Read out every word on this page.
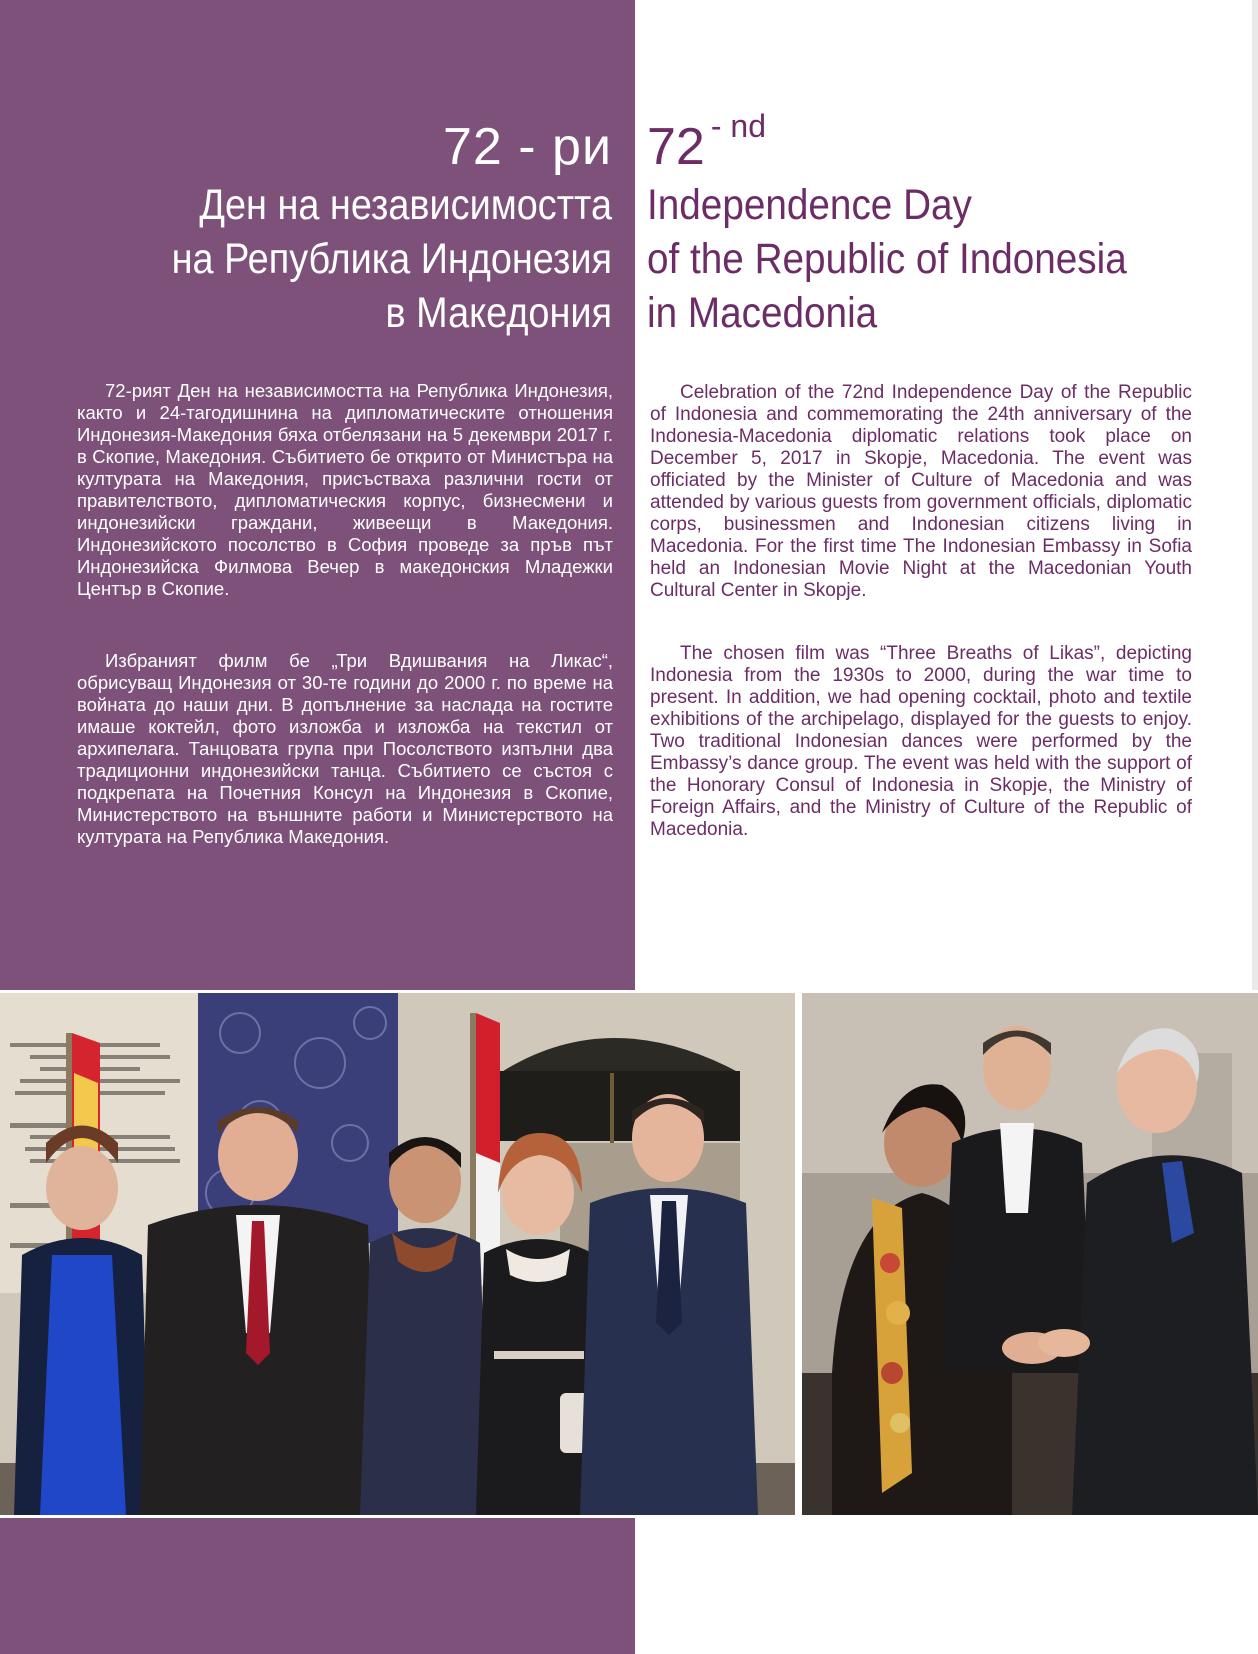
72 - ри
Ден на независимостта
на Република Индонезия
в Македония
72 - nd
Independence Day
of the Republic of Indonesia
in Macedonia

72-рият Ден на независимостта на Република Индонезия, както и 24-тагодишнина на дипломатическите отношения Индонезия-Македония бяха отбелязани на 5 декември 2017 г. в Скопие, Македония. Събитието бе открито от Министъра на културата на Македония, присъстваха различни гости от правителството, дипломатическия корпус, бизнесмени и индонезийски граждани, живеещи в Македония. Индонезийското посолство в София проведе за пръв път Индонезийска Филмова Вечер в македонския Младежки Център в Скопие.

Избраният филм бе „Три Вдишвания на Ликас“, обрисуващ Индонезия от 30-те години до 2000 г. по време на войната до наши дни. В допълнение за наслада на гостите имаше коктейл, фото изложба и изложба на текстил от архипелага. Танцовата група при Посолството изпълни два традиционни индонезийски танца. Събитието се състоя с подкрепата на Почетния Консул на Индонезия в Скопие, Министерството на външните работи и Министерството на културата на Република Македония.

Celebration of the 72nd Independence Day of the Republic of Indonesia and commemorating the 24th anniversary of the Indonesia-Macedonia diplomatic relations took place on December 5, 2017 in Skopje, Macedonia. The event was officiated by the Minister of Culture of Macedonia and was attended by various guests from government officials, diplomatic corps, businessmen and Indonesian citizens living in Macedonia. For the first time The Indonesian Embassy in Sofia held an Indonesian Movie Night at the Macedonian Youth Cultural Center in Skopje.

The chosen film was “Three Breaths of Likas”, depicting Indonesia from the 1930s to 2000, during the war time to present. In addition, we had opening cocktail, photo and textile exhibitions of the archipelago, displayed for the guests to enjoy. Two traditional Indonesian dances were performed by the Embassy’s dance group. The event was held with the support of the Honorary Consul of Indonesia in Skopje, the Ministry of Foreign Affairs, and the Ministry of Culture of the Republic of Macedonia.
